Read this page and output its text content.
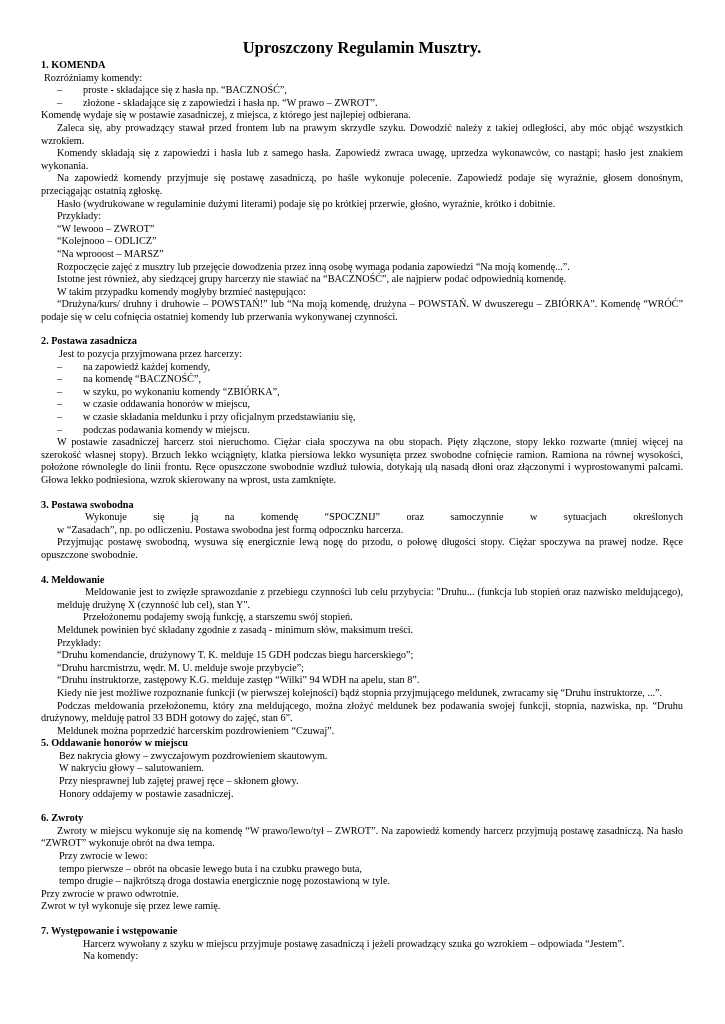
Uproszczony Regulamin Musztry.

1. KOMENDA

Rozróżniamy komendy:

– proste - składające się z hasła np. “BACZNOŚĆ”,
– złożone - składające się z zapowiedzi i hasła np. “W prawo – ZWROT”.

Komendę wydaje się w postawie zasadniczej, z miejsca, z którego jest najlepiej odbierana.

Zaleca się, aby prowadzący stawał przed frontem lub na prawym skrzydle szyku. Dowodzić należy z takiej odległości, aby móc objąć wszystkich wzrokiem.

Komendy składają się z zapowiedzi i hasła lub z samego hasła. Zapowiedź zwraca uwagę, uprzedza wykonawców, co nastąpi; hasło jest znakiem wykonania.

Na zapowiedź komendy przyjmuje się postawę zasadniczą, po haśle wykonuje polecenie. Zapowiedź podaje się wyraźnie, głosem donośnym, przeciągając ostatnią zgłoskę.

Hasło (wydrukowane w regulaminie dużymi literami) podaje się po krótkiej przerwie, głośno, wyraźnie, krótko i dobitnie.

Przykłady:

“W lewooo – ZWROT”

“Kolejnooo – ODLICZ”

“Na wprooost – MARSZ”

Rozpoczęcie zajęć z musztry lub przejęcie dowodzenia przez inną osobę wymaga podania zapowiedzi “Na moją komendę...”.

Istotne jest również, aby siedzącej grupy harcerzy nie stawiać na “BACZNOŚĆ”, ale najpierw podać odpowiednią komendę.

W takim przypadku komendy mogłyby brzmieć następująco:

“Drużyna/kurs/ druhny i druhowie – POWSTAŃ!” lub “Na moją komendę, drużyna – POWSTAŃ. W dwuszeregu – ZBIÓRKA”. Komendę “WRÓĆ” podaje się w celu cofnięcia ostatniej komendy lub przerwania wykonywanej czynności.

2. Postawa zasadnicza

Jest to pozycja przyjmowana przez harcerzy:

– na zapowiedź każdej komendy,
– na komendę “BACZNOŚĆ”,
– w szyku, po wykonaniu komendy “ZBIÓRKA”,
– w czasie oddawania honorów w miejscu,
– w czasie składania meldunku i przy oficjalnym przedstawianiu się,
– podczas podawania komendy w miejscu.

W postawie zasadniczej harcerz stoi nieruchomo. Ciężar ciała spoczywa na obu stopach. Pięty złączone, stopy lekko rozwarte (mniej więcej na szerokość własnej stopy). Brzuch lekko wciągnięty, klatka piersiowa lekko wysunięta przez swobodne cofnięcie ramion. Ramiona na równej wysokości, położone równolegle do linii frontu. Ręce opuszczone swobodnie wzdłuż tułowia, dotykają ulą nasadą dłoni oraz złączonymi i wyprostowanymi palcami. Głowa lekko podniesiona, wzrok skierowany na wprost, usta zamknięte.

3. Postawa swobodna

Wykonuje się ją na komendę “SPOCZNIJ” oraz samoczynnie w sytuacjach określonych

w “Zasadach”, np. po odliczeniu. Postawa swobodna jest formą odpocznku harcerza.

Przyjmując postawę swobodną, wysuwa się energicznie lewą nogę do przodu, o połowę długości stopy. Ciężar spoczywa na prawej nodze. Ręce opuszczone swobodnie.

4. Meldowanie

Meldowanie jest to zwięzłe sprawozdanie z przebiegu czynności lub celu przybycia: "Druhu... (funkcja lub stopień oraz nazwisko meldującego), melduję drużynę X (czynność lub cel), stan Y".

Przełożonemu podajemy swoją funkcję, a starszemu swój stopień.

Meldunek powinien być składany zgodnie z zasadą - minimum słów, maksimum treści.

Przykłady:

“Druhu komendancie, drużynowy T. K. melduje 15 GDH podczas biegu harcerskiego”;

“Druhu harcmistrzu, wędr. M. U. melduje swoje przybycie”;

“Druhu instruktorze, zastępowy K.G. melduje zastęp “Wilki” 94 WDH na apelu, stan 8”.

Kiedy nie jest możliwe rozpoznanie funkcji (w pierwszej kolejności) bądź stopnia przyjmującego meldunek, zwracamy się “Druhu instruktorze, ...”.

Podczas meldowania przełożonemu, który zna meldującego, można złożyć meldunek bez podawania swojej funkcji, stopnia, nazwiska, np. “Druhu drużynowy, melduję patrol 33 BDH gotowy do zajęć, stan 6”.

Meldunek można poprzedzić harcerskim pozdrowieniem “Czuwaj”.

5. Oddawanie honorów w miejscu

Bez nakrycia głowy – zwyczajowym pozdrowieniem skautowym.

W nakryciu głowy – salutowaniem.

Przy niesprawnej lub zajętej prawej ręce – skłonem głowy.

Honory oddajemy w postawie zasadniczej.

6. Zwroty

Zwroty w miejscu wykonuje się na komendę “W prawo/lewo/tył – ZWROT”. Na zapowiedź komendy harcerz przyjmują postawę zasadniczą. Na hasło “ZWROT” wykonuje obrót na dwa tempa.

Przy zwrocie w lewo:

tempo pierwsze – obrót na obcasie lewego buta i na czubku prawego buta,

tempo drugie – najkrótszą droga dostawia energicznie nogę pozostawioną w tyle.

Przy zwrocie w prawo odwrotnie.

Zwrot w tył wykonuje się przez lewe ramię.

7. Występowanie i wstępowanie

Harcerz wywołany z szyku w miejscu przyjmuje postawę zasadniczą i jeżeli prowadzący szuka go wzrokiem – odpowiada “Jestem”.

Na komendy:
